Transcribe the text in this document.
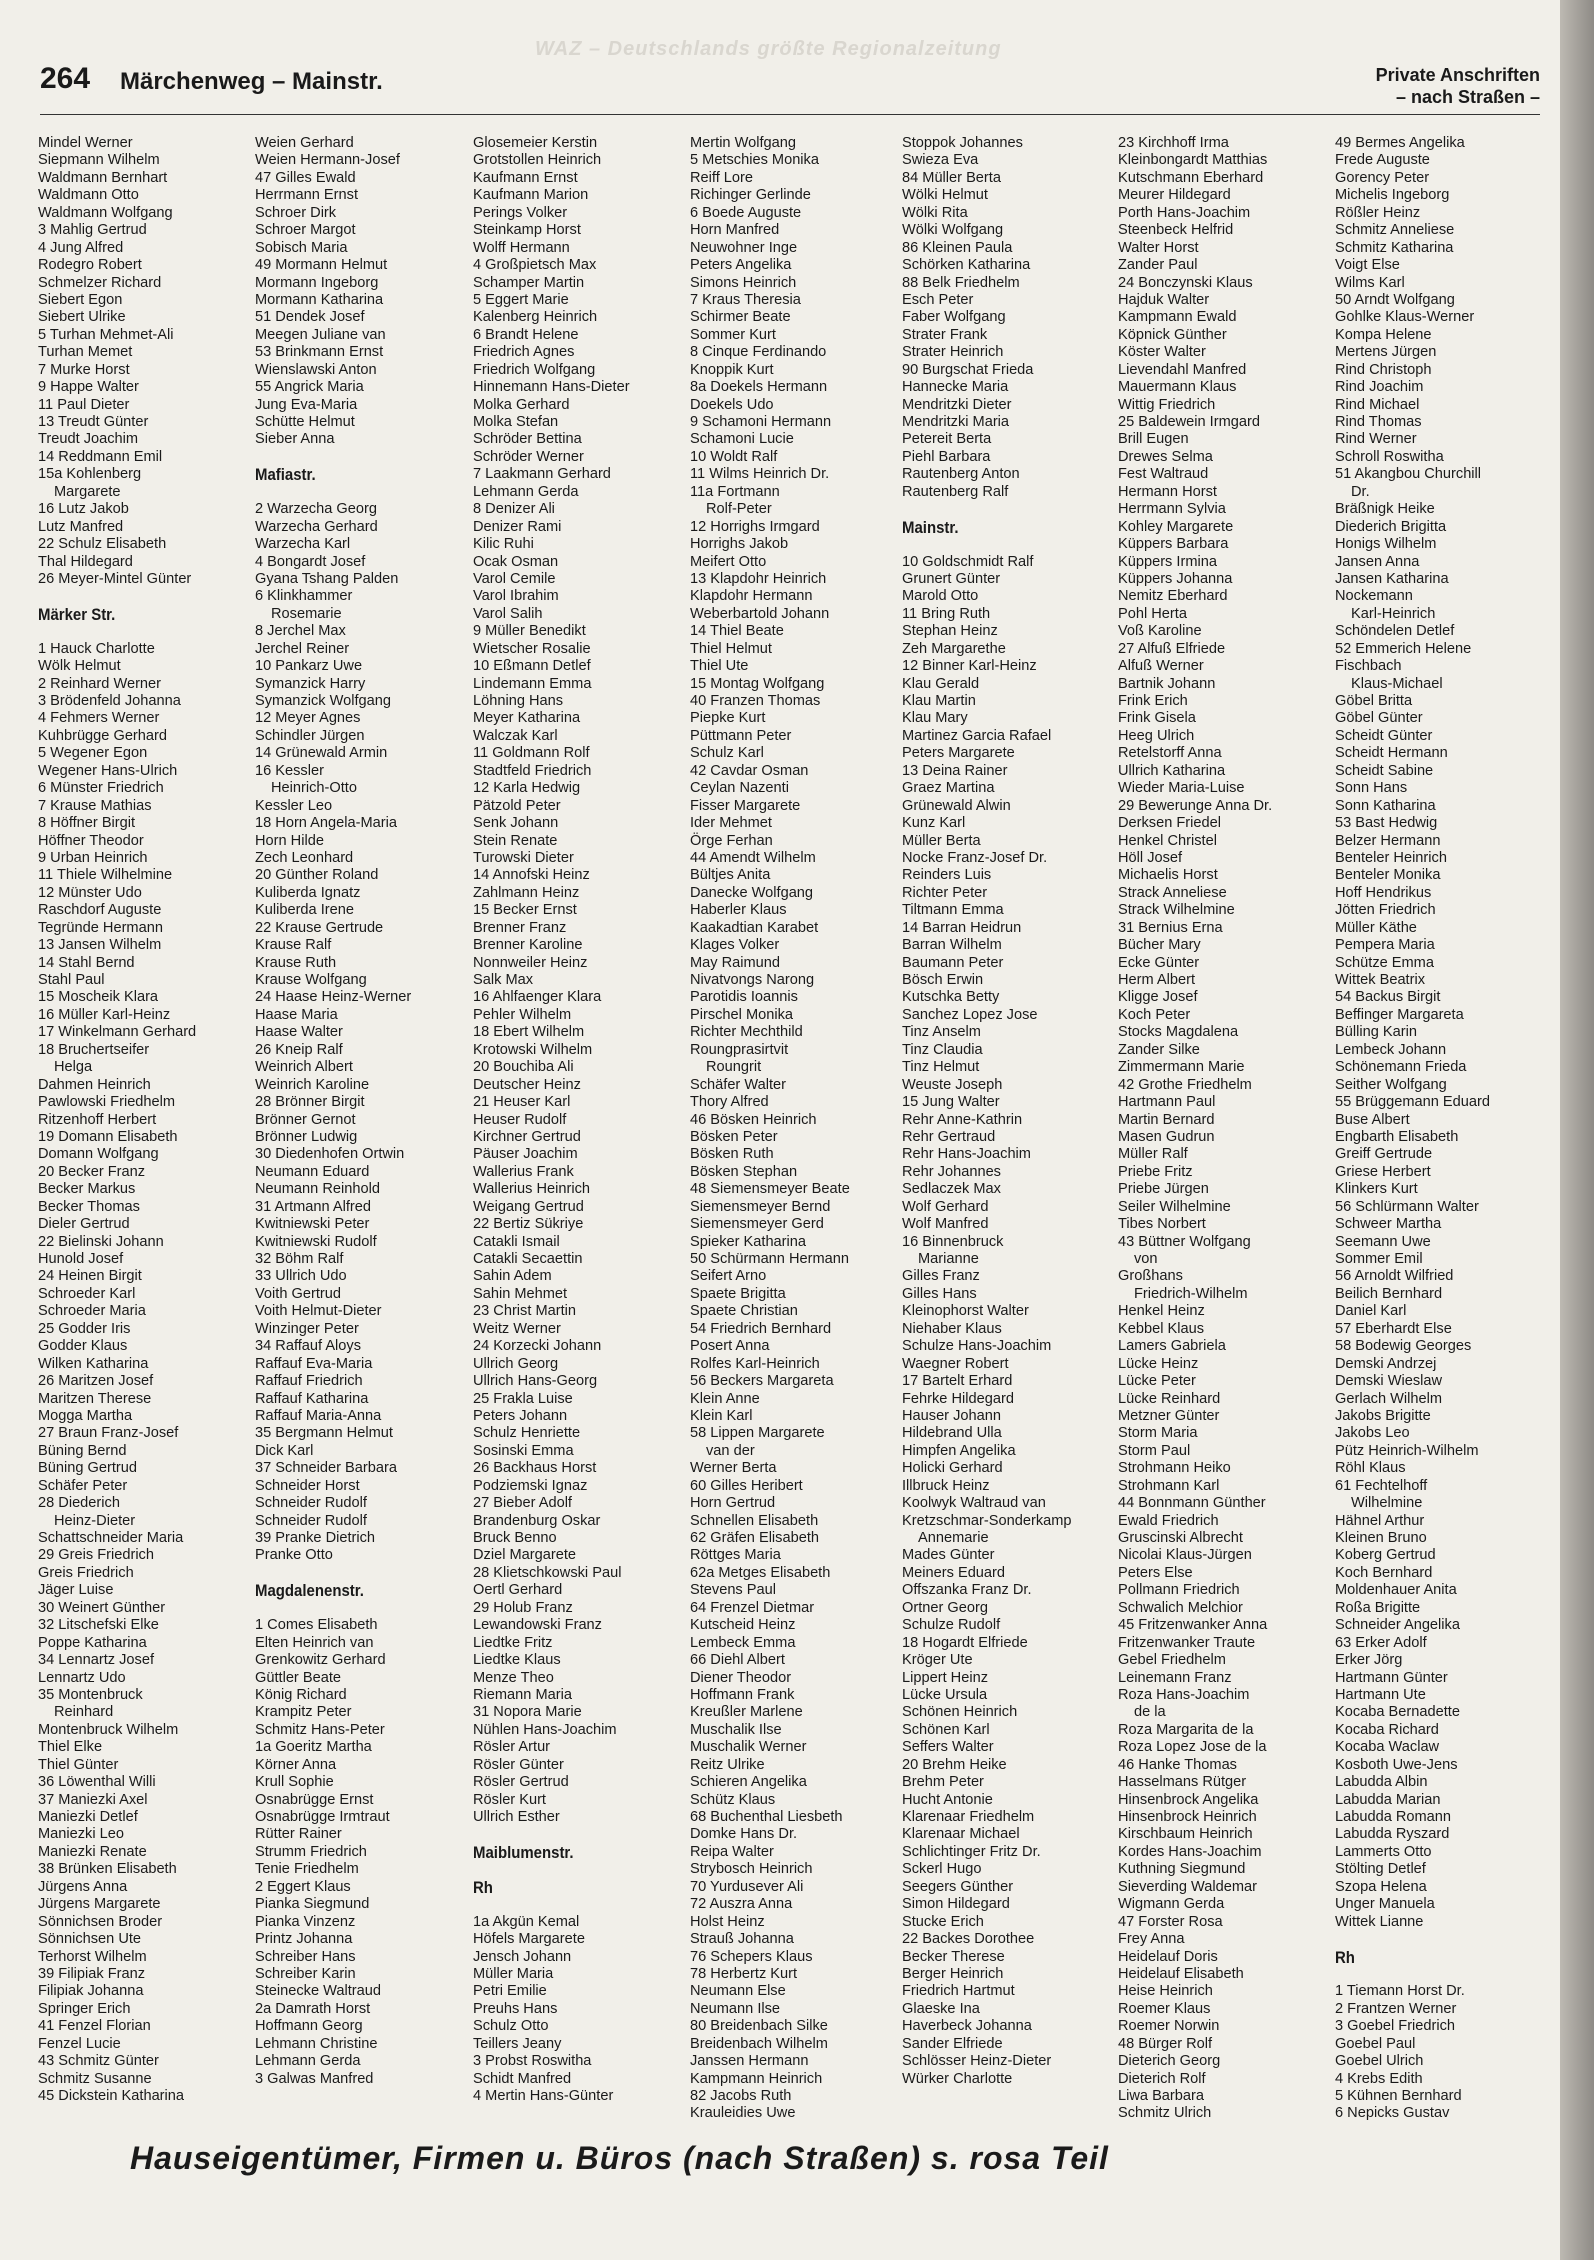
WAZ – Deutschlands größte Regionalzeitung
264 Märchenweg – Mainstr.	Private Anschriften
– nach Straßen –
Mindel Werner
Siepmann Wilhelm
Waldmann Bernhart
Waldmann Otto
Waldmann Wolfgang
3 Mahlig Gertrud
4 Jung Alfred
Rodegro Robert
Schmelzer Richard
Siebert Egon
Siebert Ulrike
5 Turhan Mehmet-Ali
Turhan Memet
7 Murke Horst
9 Happe Walter
11 Paul Dieter
13 Treudt Günter
Treudt Joachim
14 Reddmann Emil
15a Kohlenberg
Margarete
16 Lutz Jakob
Lutz Manfred
22 Schulz Elisabeth
Thal Hildegard
26 Meyer-Mintel Günter
Märker Str.
1 Hauck Charlotte
Wölk Helmut
2 Reinhard Werner
3 Brödenfeld Johanna
4 Fehmers Werner
Kuhbrügge Gerhard
5 Wegener Egon
Wegener Hans-Ulrich
6 Münster Friedrich
7 Krause Mathias
8 Höffner Birgit
Höffner Theodor
9 Urban Heinrich
11 Thiele Wilhelmine
12 Münster Udo
Raschdorf Auguste
Tegründe Hermann
13 Jansen Wilhelm
14 Stahl Bernd
Stahl Paul
15 Moscheik Klara
16 Müller Karl-Heinz
17 Winkelmann Gerhard
18 Bruchertseifer
Helga
Dahmen Heinrich
Pawlowski Friedhelm
Ritzenhoff Herbert
19 Domann Elisabeth
Domann Wolfgang
20 Becker Franz
Becker Markus
Becker Thomas
Dieler Gertrud
22 Bielinski Johann
Hunold Josef
24 Heinen Birgit
Schroeder Karl
Schroeder Maria
25 Godder Iris
Godder Klaus
Wilken Katharina
26 Maritzen Josef
Maritzen Therese
Mogga Martha
27 Braun Franz-Josef
Büning Bernd
Büning Gertrud
Schäfer Peter
28 Diederich
Heinz-Dieter
Schattschneider Maria
29 Greis Friedrich
Greis Friedrich
Jäger Luise
30 Weinert Günther
32 Litschefski Elke
Poppe Katharina
34 Lennartz Josef
Lennartz Udo
35 Montenbruck
Reinhard
Montenbruck Wilhelm
Thiel Elke
Thiel Günter
36 Löwenthal Willi
37 Maniezki Axel
Maniezki Detlef
Maniezki Leo
Maniezki Renate
38 Brünken Elisabeth
Jürgens Anna
Jürgens Margarete
Sönnichsen Broder
Sönnichsen Ute
Terhorst Wilhelm
39 Filipiak Franz
Filipiak Johanna
Springer Erich
41 Fenzel Florian
Fenzel Lucie
43 Schmitz Günter
Schmitz Susanne
45 Dickstein Katharina
Weien Gerhard
Weien Hermann-Josef
47 Gilles Ewald
Herrmann Ernst
Schroer Dirk
Schroer Margot
Sobisch Maria
49 Mormann Helmut
Mormann Ingeborg
Mormann Katharina
51 Dendek Josef
Meegen Juliane van
53 Brinkmann Ernst
Wienslawski Anton
55 Angrick Maria
Jung Eva-Maria
Schütte Helmut
Sieber Anna
Mafiastr.
2 Warzecha Georg
Warzecha Gerhard
Warzecha Karl
4 Bongardt Josef
Gyana Tshang Palden
6 Klinkhammer
Rosemarie
8 Jerchel Max
Jerchel Reiner
10 Pankarz Uwe
Symanzick Harry
Symanzick Wolfgang
12 Meyer Agnes
Schindler Jürgen
14 Grünewald Armin
16 Kessler
Heinrich-Otto
Kessler Leo
18 Horn Angela-Maria
Horn Hilde
Zech Leonhard
20 Günther Roland
Kuliberda Ignatz
Kuliberda Irene
22 Krause Gertrude
Krause Ralf
Krause Ruth
Krause Wolfgang
24 Haase Heinz-Werner
Haase Maria
Haase Walter
26 Kneip Ralf
Weinrich Albert
Weinrich Karoline
28 Brönner Birgit
Brönner Gernot
Brönner Ludwig
30 Diedenhofen Ortwin
Neumann Eduard
Neumann Reinhold
31 Artmann Alfred
Kwitniewski Peter
Kwitniewski Rudolf
32 Böhm Ralf
33 Ullrich Udo
Voith Gertrud
Voith Helmut-Dieter
Winzinger Peter
34 Raffauf Aloys
Raffauf Eva-Maria
Raffauf Friedrich
Raffauf Katharina
Raffauf Maria-Anna
35 Bergmann Helmut
Dick Karl
37 Schneider Barbara
Schneider Horst
Schneider Rudolf
Schneider Rudolf
39 Pranke Dietrich
Pranke Otto
Magdalenenstr.
1 Comes Elisabeth
Elten Heinrich van
Grenkowitz Gerhard
Güttler Beate
König Richard
Krampitz Peter
Schmitz Hans-Peter
1a Goeritz Martha
Körner Anna
Krull Sophie
Osnabrügge Ernst
Osnabrügge Irmtraut
Rütter Rainer
Strumm Friedrich
Tenie Friedhelm
2 Eggert Klaus
Pianka Siegmund
Pianka Vinzenz
Printz Johanna
Schreiber Hans
Schreiber Karin
Steinecke Waltraud
2a Damrath Horst
Hoffmann Georg
Lehmann Christine
Lehmann Gerda
3 Galwas Manfred
Glosemeier Kerstin
Grotstollen Heinrich
Kaufmann Ernst
Kaufmann Marion
Perings Volker
Steinkamp Horst
Wolff Hermann
4 Großpietsch Max
Schamper Martin
5 Eggert Marie
Kalenberg Heinrich
6 Brandt Helene
Friedrich Agnes
Friedrich Wolfgang
Hinnemann Hans-Dieter
Molka Gerhard
Molka Stefan
Schröder Bettina
Schröder Werner
7 Laakmann Gerhard
Lehmann Gerda
8 Denizer Ali
Denizer Rami
Kilic Ruhi
Ocak Osman
Varol Cemile
Varol Ibrahim
Varol Salih
9 Müller Benedikt
Wietscher Rosalie
10 Eßmann Detlef
Lindemann Emma
Löhning Hans
Meyer Katharina
Walczak Karl
11 Goldmann Rolf
Stadtfeld Friedrich
12 Karla Hedwig
Pätzold Peter
Senk Johann
Stein Renate
Turowski Dieter
14 Annofski Heinz
Zahlmann Heinz
15 Becker Ernst
Brenner Franz
Brenner Karoline
Nonnweiler Heinz
Salk Max
16 Ahlfaenger Klara
Pehler Wilhelm
18 Ebert Wilhelm
Krotowski Wilhelm
20 Bouchiba Ali
Deutscher Heinz
21 Heuser Karl
Heuser Rudolf
Kirchner Gertrud
Päuser Joachim
Wallerius Frank
Wallerius Heinrich
Weigang Gertrud
22 Bertiz Sükriye
Catakli Ismail
Catakli Secaettin
Sahin Adem
Sahin Mehmet
23 Christ Martin
Weitz Werner
24 Korzecki Johann
Ullrich Georg
Ullrich Hans-Georg
25 Frakla Luise
Peters Johann
Schulz Henriette
Sosinski Emma
26 Backhaus Horst
Podziemski Ignaz
27 Bieber Adolf
Brandenburg Oskar
Bruck Benno
Dziel Margarete
28 Klietschkowski Paul
Oertl Gerhard
29 Holub Franz
Lewandowski Franz
Liedtke Fritz
Liedtke Klaus
Menze Theo
Riemann Maria
31 Nopora Marie
Nühlen Hans-Joachim
Rösler Artur
Rösler Günter
Rösler Gertrud
Rösler Kurt
Ullrich Esther
Maiblumenstr.
Rh
1a Akgün Kemal
Höfels Margarete
Jensch Johann
Müller Maria
Petri Emilie
Preuhs Hans
Schulz Otto
Teillers Jeany
3 Probst Roswitha
Schidt Manfred
4 Mertin Hans-Günter
Mertin Wolfgang
5 Metschies Monika
Reiff Lore
Richinger Gerlinde
6 Boede Auguste
Horn Manfred
Neuwohner Inge
Peters Angelika
Simons Heinrich
7 Kraus Theresia
Schirmer Beate
Sommer Kurt
8 Cinque Ferdinando
Knoppik Kurt
8a Doekels Hermann
Doekels Udo
9 Schamoni Hermann
Schamoni Lucie
10 Woldt Ralf
11 Wilms Heinrich Dr.
11a Fortmann
Rolf-Peter
12 Horrighs Irmgard
Horrighs Jakob
Meifert Otto
13 Klapdohr Heinrich
Klapdohr Hermann
Weberbartold Johann
14 Thiel Beate
Thiel Helmut
Thiel Ute
15 Montag Wolfgang
40 Franzen Thomas
Piepke Kurt
Püttmann Peter
Schulz Karl
42 Cavdar Osman
Ceylan Nazenti
Fisser Margarete
Ider Mehmet
Örge Ferhan
44 Amendt Wilhelm
Bültjes Anita
Danecke Wolfgang
Haberler Klaus
Kaakadtian Karabet
Klages Volker
May Raimund
Nivatvongs Narong
Parotidis Ioannis
Pirschel Monika
Richter Mechthild
Roungprasirtvit
Roungrit
Schäfer Walter
Thory Alfred
46 Bösken Heinrich
Bösken Peter
Bösken Ruth
Bösken Stephan
48 Siemensmeyer Beate
Siemensmeyer Bernd
Siemensmeyer Gerd
Spieker Katharina
50 Schürmann Hermann
Seifert Arno
Spaete Brigitta
Spaete Christian
54 Friedrich Bernhard
Posert Anna
Rolfes Karl-Heinrich
56 Beckers Margareta
Klein Anne
Klein Karl
58 Lippen Margarete
van der
Werner Berta
60 Gilles Heribert
Horn Gertrud
Schnellen Elisabeth
62 Gräfen Elisabeth
Röttges Maria
62a Metges Elisabeth
Stevens Paul
64 Frenzel Dietmar
Kutscheid Heinz
Lembeck Emma
66 Diehl Albert
Diener Theodor
Hoffmann Frank
Kreußler Marlene
Muschalik Ilse
Muschalik Werner
Reitz Ulrike
Schieren Angelika
Schütz Klaus
68 Buchenthal Liesbeth
Domke Hans Dr.
Reipa Walter
Strybosch Heinrich
70 Yurdusever Ali
72 Auszra Anna
Holst Heinz
Strauß Johanna
76 Schepers Klaus
78 Herbertz Kurt
Neumann Else
Neumann Ilse
80 Breidenbach Silke
Breidenbach Wilhelm
Janssen Hermann
Kampmann Heinrich
82 Jacobs Ruth
Krauleidies Uwe
Stoppok Johannes
Swieza Eva
84 Müller Berta
Wölki Helmut
Wölki Rita
Wölki Wolfgang
86 Kleinen Paula
Schörken Katharina
88 Belk Friedhelm
Esch Peter
Faber Wolfgang
Strater Frank
Strater Heinrich
90 Burgschat Frieda
Hannecke Maria
Mendritzki Dieter
Mendritzki Maria
Petereit Berta
Piehl Barbara
Rautenberg Anton
Rautenberg Ralf
Mainstr.
10 Goldschmidt Ralf
Grunert Günter
Marold Otto
11 Bring Ruth
Stephan Heinz
Zeh Margarethe
12 Binner Karl-Heinz
Klau Gerald
Klau Martin
Klau Mary
Martinez Garcia Rafael
Peters Margarete
13 Deina Rainer
Graez Martina
Grünewald Alwin
Kunz Karl
Müller Berta
Nocke Franz-Josef Dr.
Reinders Luis
Richter Peter
Tiltmann Emma
14 Barran Heidrun
Barran Wilhelm
Baumann Peter
Bösch Erwin
Kutschka Betty
Sanchez Lopez Jose
Tinz Anselm
Tinz Claudia
Tinz Helmut
Weuste Joseph
15 Jung Walter
Rehr Anne-Kathrin
Rehr Gertraud
Rehr Hans-Joachim
Rehr Johannes
Sedlaczek Max
Wolf Gerhard
Wolf Manfred
16 Binnenbruck
Marianne
Gilles Franz
Gilles Hans
Kleinophorst Walter
Niehaber Klaus
Schulze Hans-Joachim
Waegner Robert
17 Bartelt Erhard
Fehrke Hildegard
Hauser Johann
Hildebrand Ulla
Himpfen Angelika
Holicki Gerhard
Illbruck Heinz
Koolwyk Waltraud van
Kretzschmar-Sonderkamp
Annemarie
Mades Günter
Meiners Eduard
Offszanka Franz Dr.
Ortner Georg
Schulze Rudolf
18 Hogardt Elfriede
Kröger Ute
Lippert Heinz
Lücke Ursula
Schönen Heinrich
Schönen Karl
Seffers Walter
20 Brehm Heike
Brehm Peter
Hucht Antonie
Klarenaar Friedhelm
Klarenaar Michael
Schlichtinger Fritz Dr.
Sckerl Hugo
Seegers Günther
Simon Hildegard
Stucke Erich
22 Backes Dorothee
Becker Therese
Berger Heinrich
Friedrich Hartmut
Glaeske Ina
Haverbeck Johanna
Sander Elfriede
Schlösser Heinz-Dieter
Würker Charlotte
23 Kirchhoff Irma
Kleinbongardt Matthias
Kutschmann Eberhard
Meurer Hildegard
Porth Hans-Joachim
Steenbeck Helfrid
Walter Horst
Zander Paul
24 Bonczynski Klaus
Hajduk Walter
Kampmann Ewald
Köpnick Günther
Köster Walter
Lievendahl Manfred
Mauermann Klaus
Wittig Friedrich
25 Baldewein Irmgard
Brill Eugen
Drewes Selma
Fest Waltraud
Hermann Horst
Herrmann Sylvia
Kohley Margarete
Küppers Barbara
Küppers Irmina
Küppers Johanna
Nemitz Eberhard
Pohl Herta
Voß Karoline
27 Alfuß Elfriede
Alfuß Werner
Bartnik Johann
Frink Erich
Frink Gisela
Heeg Ulrich
Retelstorff Anna
Ullrich Katharina
Wieder Maria-Luise
29 Bewerunge Anna Dr.
Derksen Friedel
Henkel Christel
Höll Josef
Michaelis Horst
Strack Anneliese
Strack Wilhelmine
31 Bernius Erna
Bücher Mary
Ecke Günter
Herm Albert
Kligge Josef
Koch Peter
Stocks Magdalena
Zander Silke
Zimmermann Marie
42 Grothe Friedhelm
Hartmann Paul
Martin Bernard
Masen Gudrun
Müller Ralf
Priebe Fritz
Priebe Jürgen
Seiler Wilhelmine
Tibes Norbert
43 Büttner Wolfgang
von
Großhans
Friedrich-Wilhelm
Henkel Heinz
Kebbel Klaus
Lamers Gabriela
Lücke Heinz
Lücke Peter
Lücke Reinhard
Metzner Günter
Storm Maria
Storm Paul
Strohmann Heiko
Strohmann Karl
44 Bonnmann Günther
Ewald Friedrich
Gruscinski Albrecht
Nicolai Klaus-Jürgen
Peters Else
Pollmann Friedrich
Schwalich Melchior
45 Fritzenwanker Anna
Fritzenwanker Traute
Gebel Friedhelm
Leinemann Franz
Roza Hans-Joachim
de la
Roza Margarita de la
Roza Lopez Jose de la
46 Hanke Thomas
Hasselmans Rütger
Hinsenbrock Angelika
Hinsenbrock Heinrich
Kirschbaum Heinrich
Kordes Hans-Joachim
Kuthning Siegmund
Sieverding Waldemar
Wigmann Gerda
47 Forster Rosa
Frey Anna
Heidelauf Doris
Heidelauf Elisabeth
Heise Heinrich
Roemer Klaus
Roemer Norwin
48 Bürger Rolf
Dieterich Georg
Dieterich Rolf
Liwa Barbara
Schmitz Ulrich
49 Bermes Angelika
Frede Auguste
Gorency Peter
Michelis Ingeborg
Rößler Heinz
Schmitz Anneliese
Schmitz Katharina
Voigt Else
Wilms Karl
50 Arndt Wolfgang
Gohlke Klaus-Werner
Kompa Helene
Mertens Jürgen
Rind Christoph
Rind Joachim
Rind Michael
Rind Thomas
Rind Werner
Schroll Roswitha
51 Akangbou Churchill
Dr.
Bräßnigk Heike
Diederich Brigitta
Honigs Wilhelm
Jansen Anna
Jansen Katharina
Nockemann
Karl-Heinrich
Schöndelen Detlef
52 Emmerich Helene
Fischbach
Klaus-Michael
Göbel Britta
Göbel Günter
Scheidt Günter
Scheidt Hermann
Scheidt Sabine
Sonn Hans
Sonn Katharina
53 Bast Hedwig
Belzer Hermann
Benteler Heinrich
Benteler Monika
Hoff Hendrikus
Jötten Friedrich
Müller Käthe
Pempera Maria
Schütze Emma
Wittek Beatrix
54 Backus Birgit
Beffinger Margareta
Bülling Karin
Lembeck Johann
Schönemann Frieda
Seither Wolfgang
55 Brüggemann Eduard
Buse Albert
Engbarth Elisabeth
Greiff Gertrude
Griese Herbert
Klinkers Kurt
56 Schlürmann Walter
Schweer Martha
Seemann Uwe
Sommer Emil
56 Arnoldt Wilfried
Beilich Bernhard
Daniel Karl
57 Eberhardt Else
58 Bodewig Georges
Demski Andrzej
Demski Wieslaw
Gerlach Wilhelm
Jakobs Brigitte
Jakobs Leo
Pütz Heinrich-Wilhelm
Röhl Klaus
61 Fechtelhoff
Wilhelmine
Hähnel Arthur
Kleinen Bruno
Koberg Gertrud
Koch Bernhard
Moldenhauer Anita
Roßa Brigitte
Schneider Angelika
63 Erker Adolf
Erker Jörg
Hartmann Günter
Hartmann Ute
Kocaba Bernadette
Kocaba Richard
Kocaba Waclaw
Kosboth Uwe-Jens
Labudda Albin
Labudda Marian
Labudda Romann
Labudda Ryszard
Lammerts Otto
Stölting Detlef
Szopa Helena
Unger Manuela
Wittek Lianne
Rh
1 Tiemann Horst Dr.
2 Frantzen Werner
3 Goebel Friedrich
Goebel Paul
Goebel Ulrich
4 Krebs Edith
5 Kühnen Bernhard
6 Nepicks Gustav
Hauseigentümer, Firmen u. Büros (nach Straßen) s. rosa Teil
